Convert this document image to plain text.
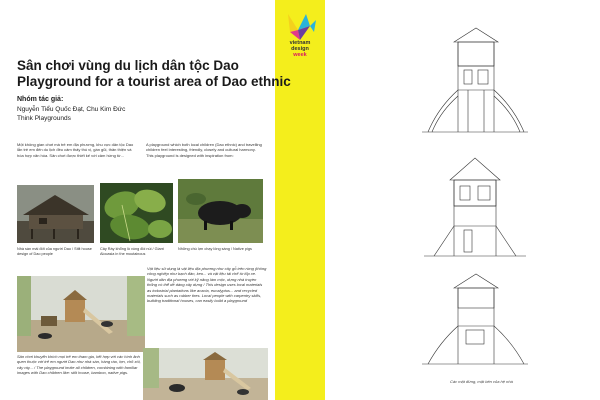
vietnam
design
week
Sân chơi vùng du lịch dân tộc Dao
Playground for a tourist area of Dao ethnic
Nhóm tác giả:
Nguyễn Tiểu Quốc Đạt, Chu Kim Đức
Think Playgrounds
Một không gian chơi mà trẻ em địa phương, khu vực dân tộc Dao lẫn trẻ em đến du lịch đều cảm thấy thú vị, gần gũi, thân thiện và hòa hợp văn hóa. Sân chơi được thiết kế với cảm hứng từ...
A playground which both local children (Dao ethnic) and travelling children feel interesting, friendly, closely and cultural harmony. This playground is designed with inspiration from:
Nhà sàn mái đốt của người Dao / Stilt house design of Dao people
Cây Ráy khổng lồ vùng đồi núi / Giant Alocasia in the moutainous
Những chú lợn chạy lông sáng / Native pigs
Vật liệu sử dụng là vật liệu địa phương như cây gỗ trên rừng (thông công nghiệp như bạch đàn, keo... và vật liệu tái chế từ lốp xe. Người dân địa phương với kỹ năng làm mộc, dựng nhà truyền thống có thể dễ dàng xây dựng / This design uses local materials as industrial plantations like acacia, eucalyptus... and recycled materials such as rubber tires. Local people with carpentry skills, building traditional houses, can easily build a playground
Sân chơi khuyến khích mọi trẻ em tham gia, kết hợp với các hình ảnh quen thuộc với trẻ em người Dao như nhà sàn, hàng rào, lợn, chõ xôi, cây ráy... / The playground invite all children, combining with familiar images with Dao children like: stilt house, bamboo, native pigs.
Các mặt đứng, mặt bên của hệ nhà
